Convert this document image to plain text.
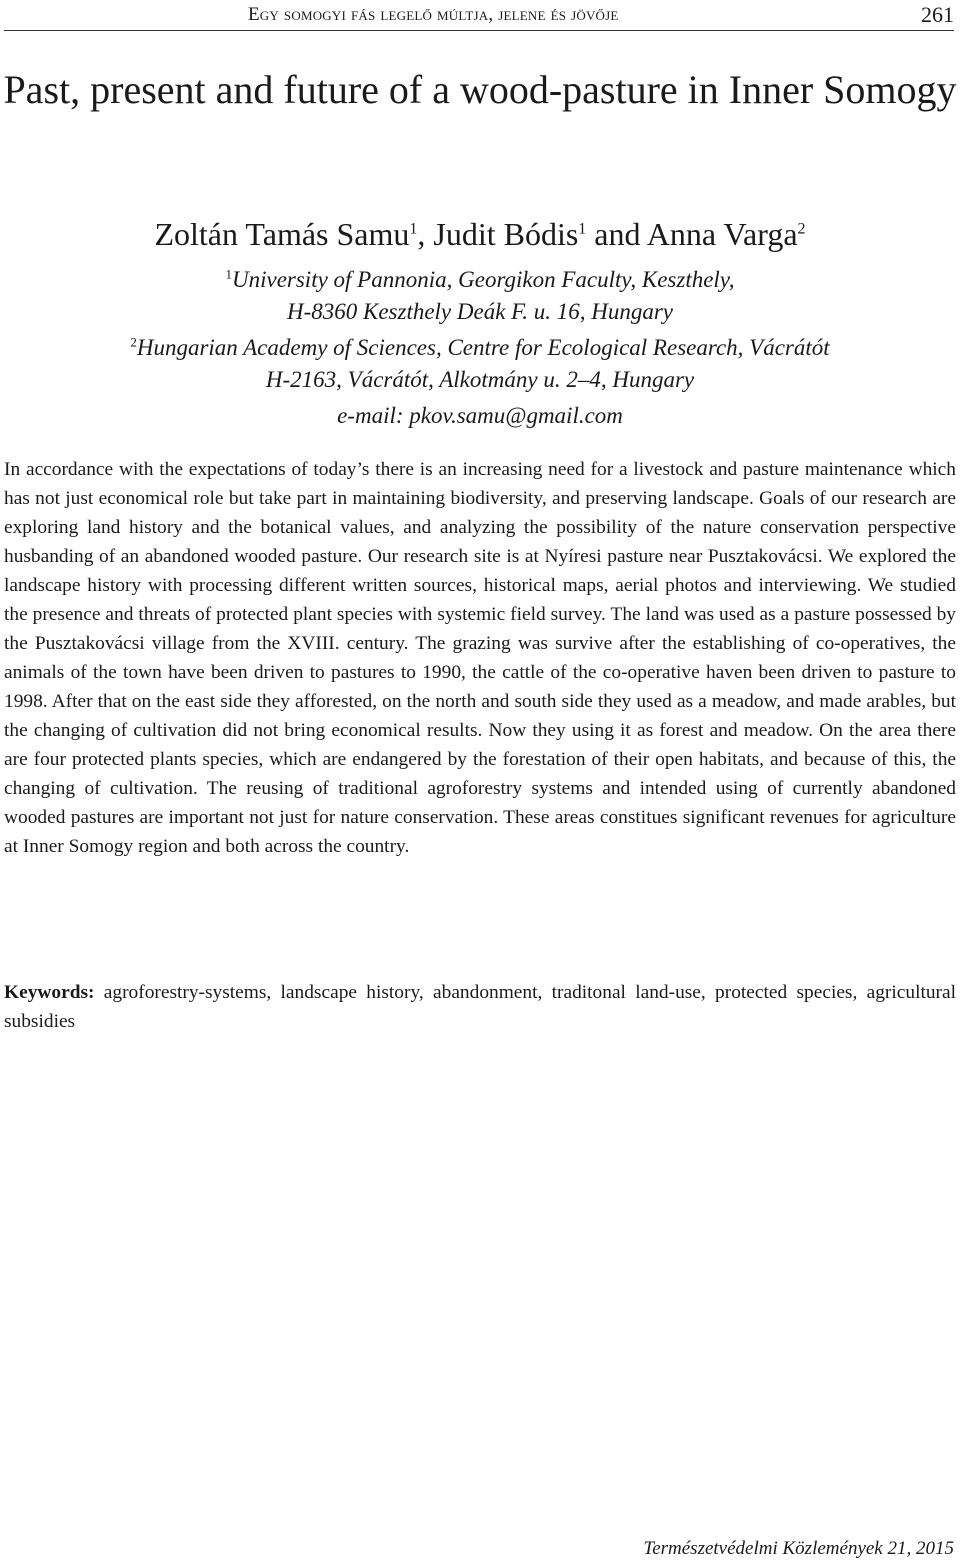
Egy somogyi fás legelő múltja, jelene és jövője	261
Past, present and future of a wood-pasture in Inner Somogy
Zoltán Tamás Samu$^1$, Judit Bódis$^1$ and Anna Varga$^2$
$^1$University of Pannonia, Georgikon Faculty, Keszthely,
H-8360 Keszthely Deák F. u. 16, Hungary
$^2$Hungarian Academy of Sciences, Centre for Ecological Research, Vácrátót
H-2163, Vácrátót, Alkotmány u. 2–4, Hungary
e-mail: pkov.samu@gmail.com

In accordance with the expectations of today’s there is an increasing need for a livestock and pasture maintenance which has not just economical role but take part in maintaining biodiversity, and preserving landscape. Goals of our research are exploring land history and the botanical values, and analyzing the possibility of the nature conservation perspective husbanding of an abandoned wooded pasture. Our research site is at Nyíresi pasture near Pusztakovácsi. We explored the landscape history with processing different written sources, historical maps, aerial photos and interviewing. We studied the presence and threats of protected plant species with systemic field survey. The land was used as a pasture possessed by the Pusztakovácsi village from the XVIII. century. The grazing was survive after the establishing of co-operatives, the animals of the town have been driven to pastures to 1990, the cattle of the co-operative haven been driven to pasture to 1998. After that on the east side they afforested, on the north and south side they used as a meadow, and made arables, but the changing of cultivation did not bring economical results. Now they using it as forest and meadow. On the area there are four protected plants species, which are endangered by the forestation of their open habitats, and because of this, the changing of cultivation. The reusing of traditional agroforestry systems and intended using of currently abandoned wooded pastures are important not just for nature conservation. These areas constitues significant revenues for agriculture at Inner Somogy region and both across the country.

Keywords: agroforestry-systems, landscape history, abandonment, traditonal land-use, protected species, agricultural subsidies

Természetvédelmi Közlemények 21, 2015
